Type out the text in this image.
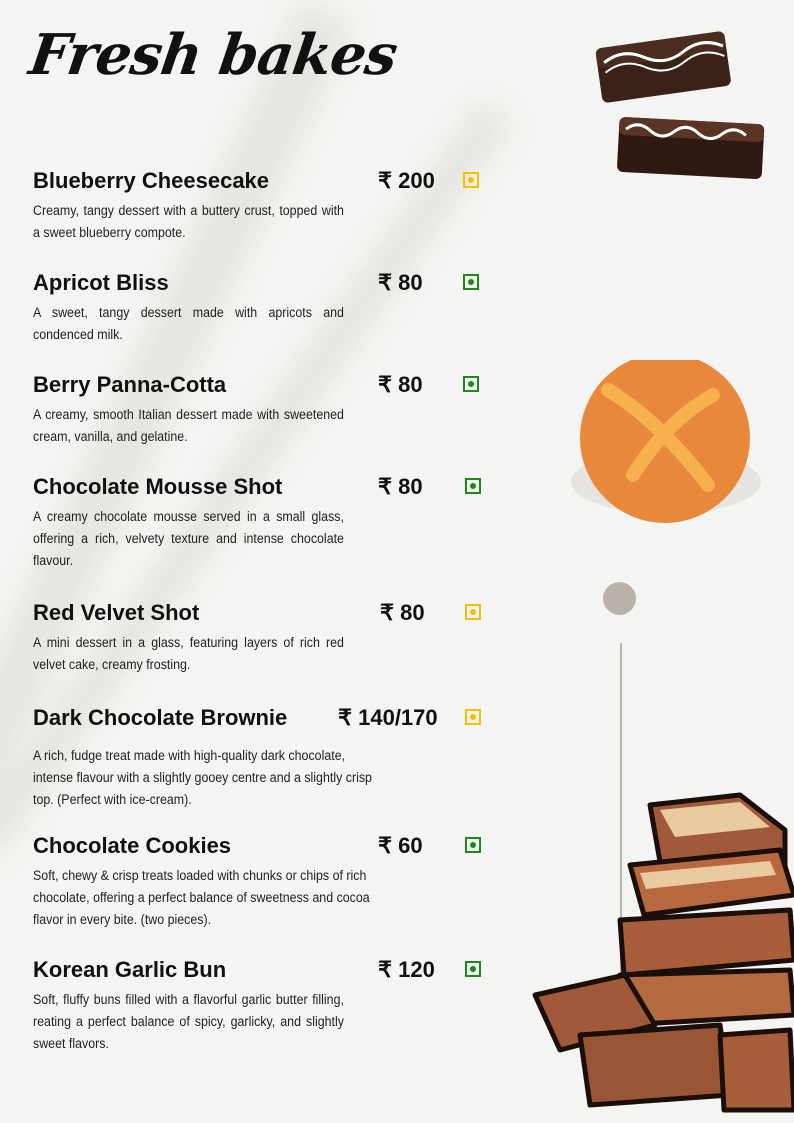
Fresh bakes
Blueberry Cheesecake	₹ 200

Creamy, tangy dessert with a buttery crust, topped with a sweet blueberry compote.

Apricot Bliss	₹ 80

A sweet, tangy dessert made with apricots and condenced milk.

Berry Panna-Cotta	₹ 80

A creamy, smooth Italian dessert made with sweetened cream, vanilla, and gelatine.

Chocolate Mousse Shot	₹ 80

A creamy chocolate mousse served in a small glass, offering a rich, velvety texture and intense chocolate flavour.

Red Velvet Shot	₹ 80

A mini dessert in a glass, featuring layers of rich red velvet cake, creamy frosting.

Dark Chocolate Brownie	₹ 140/170

A rich, fudge treat made with high-quality dark chocolate, intense flavour with a slightly gooey centre and a slightly crisp top. (Perfect with ice-cream).

Chocolate Cookies	₹ 60

Soft, chewy & crisp treats loaded with chunks or chips of rich chocolate, offering a perfect balance of sweetness and cocoa flavor in every bite. (two pieces).

Korean Garlic Bun	₹ 120

Soft, fluffy buns filled with a flavorful garlic butter filling, reating a perfect balance of spicy, garlicky, and slightly sweet flavors.
